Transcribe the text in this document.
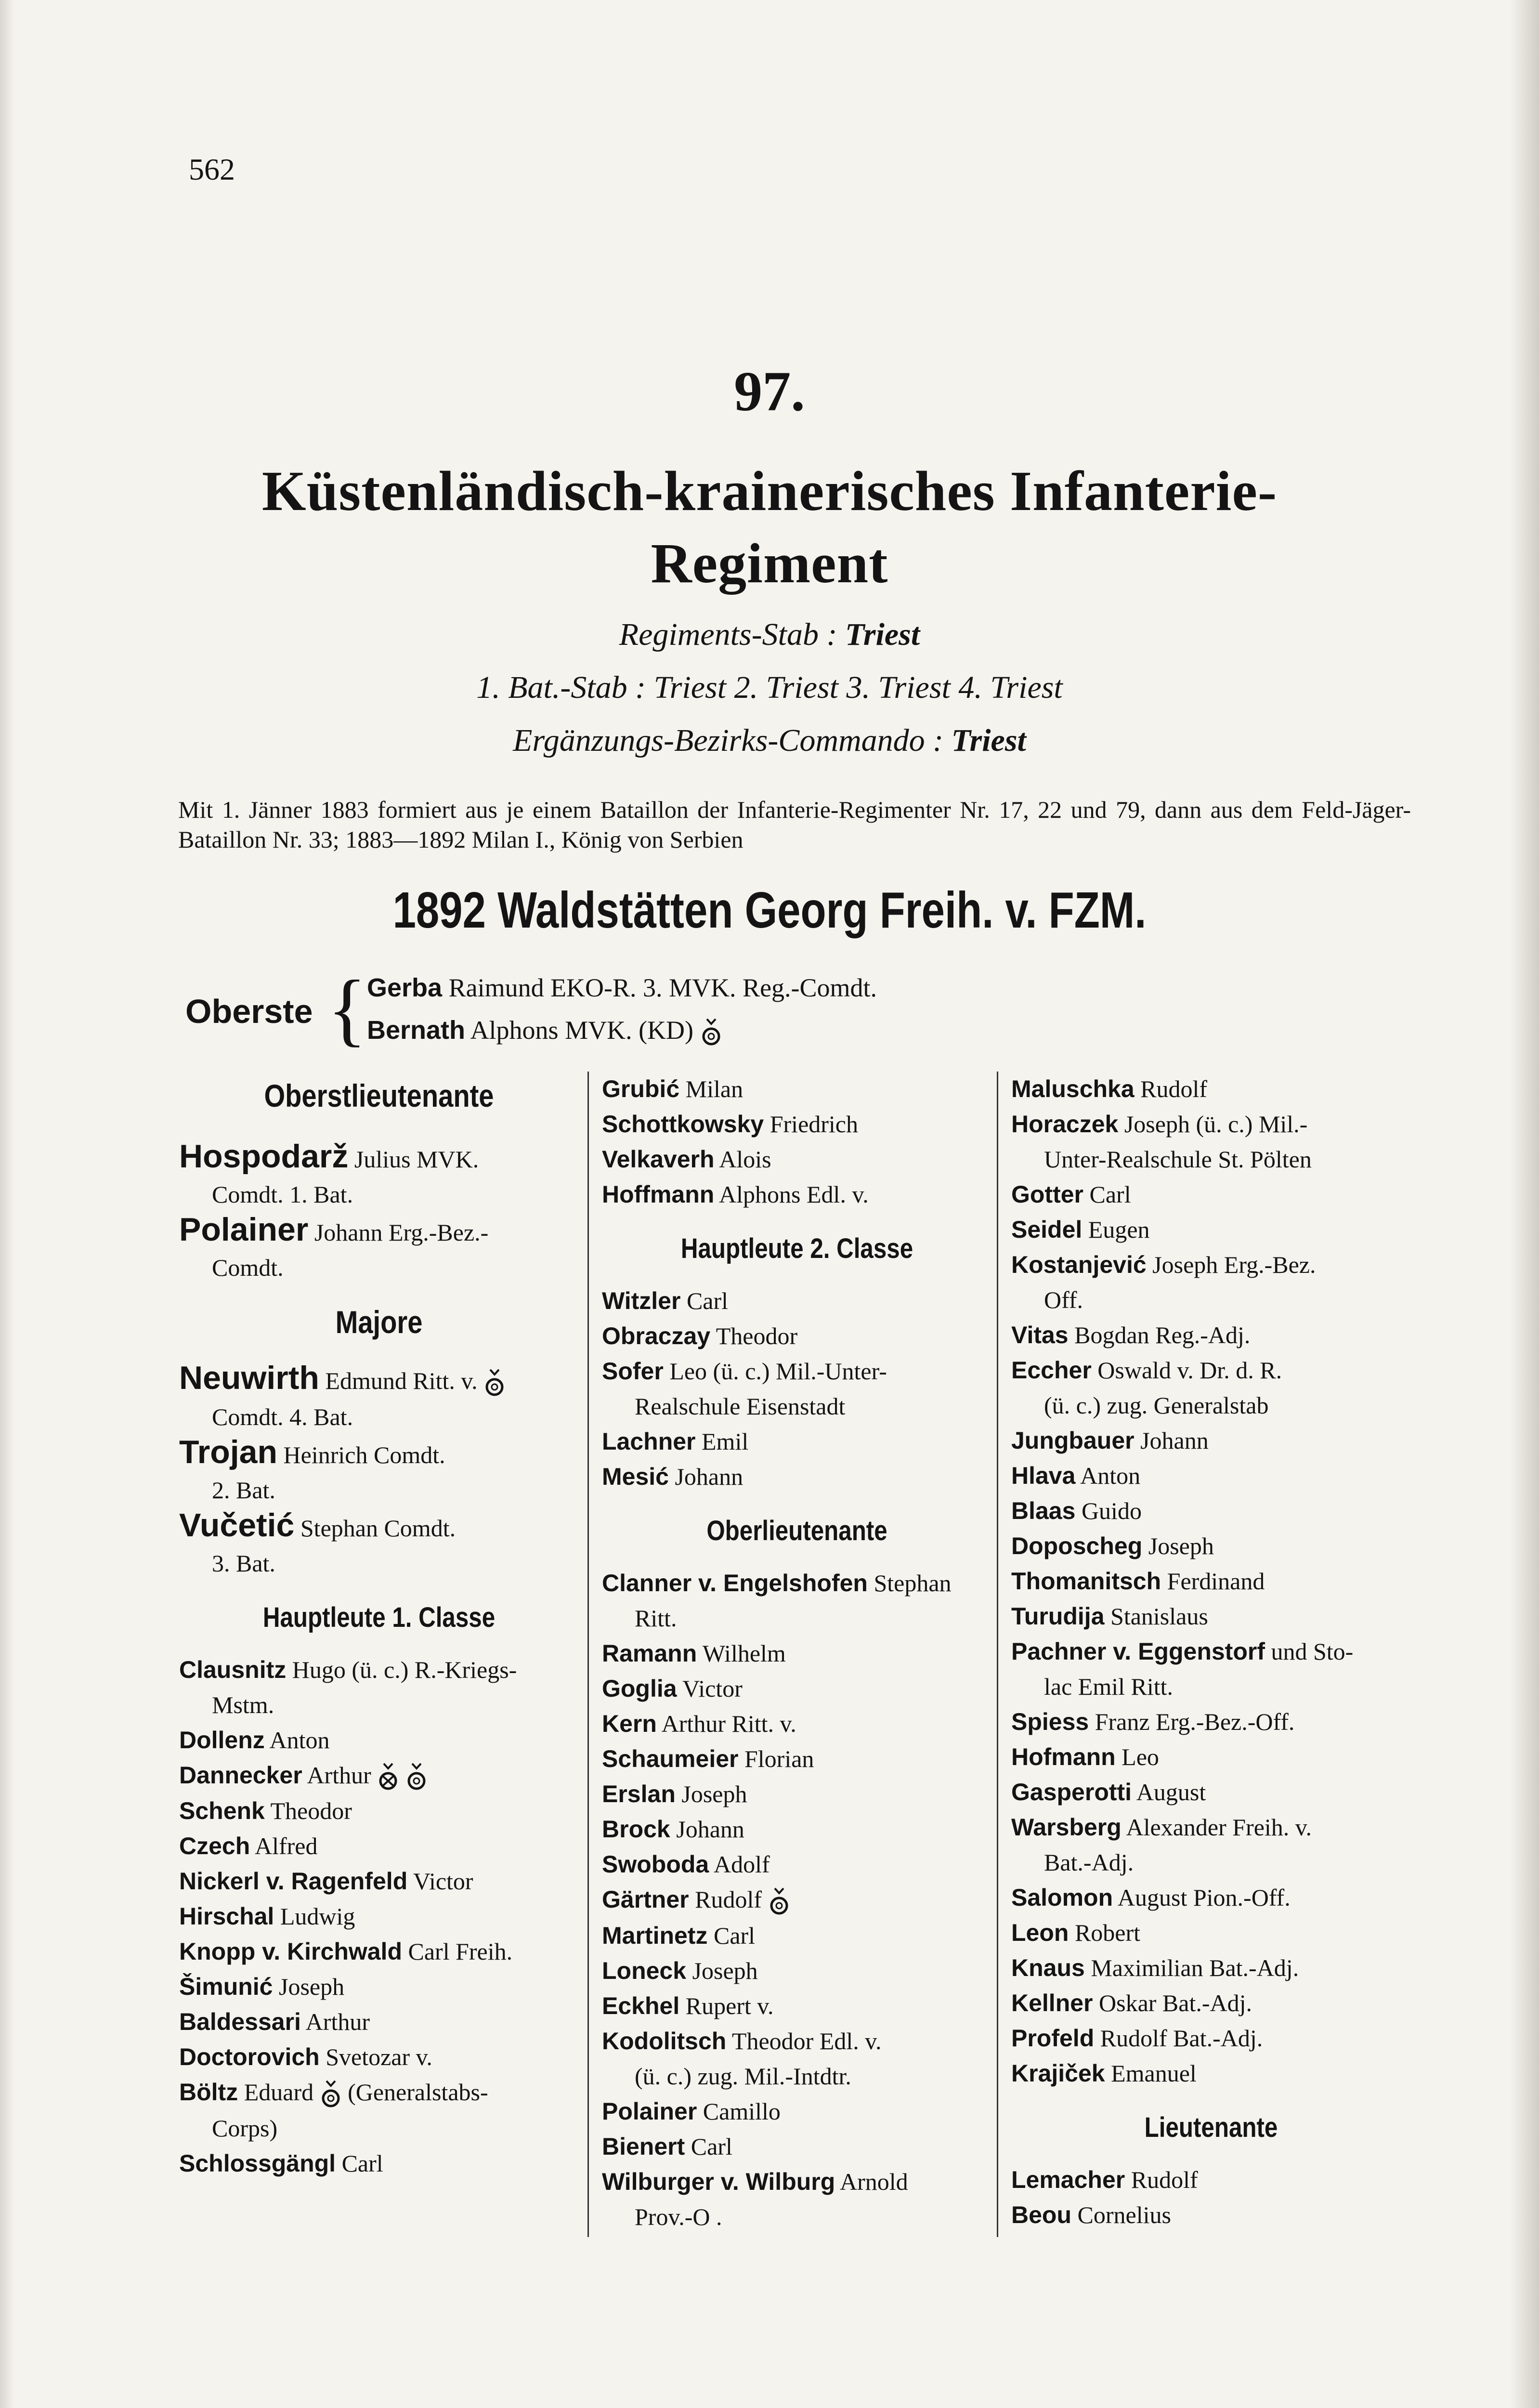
562
97.
Küstenländisch-krainerisches Infanterie-
Regiment
Regiments-Stab : Triest
1. Bat.-Stab : Triest 2. Triest 3. Triest 4. Triest
Ergänzungs-Bezirks-Commando : Triest
Mit 1. Jänner 1883 formiert aus je einem Bataillon der Infanterie-Regimenter Nr. 17, 22 und 79, dann aus dem Feld-Jäger-Bataillon Nr. 33; 1883—1892 Milan I., König von Serbien
1892 Waldstätten Georg Freih. v. FZM.
Oberste { Gerba Raimund EKO-R. 3. MVK. Reg.-Comdt.
Bernath Alphons MVK. (KD)
Oberstlieutenante
Hospodarž Julius MVK.
Comdt. 1. Bat.
Polainer Johann Erg.-Bez.-
Comdt.
Majore
Neuwirth Edmund Ritt. v.
Comdt. 4. Bat.
Trojan Heinrich Comdt.
2. Bat.
Vučetić Stephan Comdt.
3. Bat.
Hauptleute 1. Classe
Clausnitz Hugo (ü. c.) R.-Kriegs-
Mstm.
Dollenz Anton
Dannecker Arthur
Schenk Theodor
Czech Alfred
Nickerl v. Ragenfeld Victor
Hirschal Ludwig
Knopp v. Kirchwald Carl Freih.
Šimunić Joseph
Baldessari Arthur
Doctorovich Svetozar v.
Böltz Eduard  (Generalstabs-
Corps)
Schlossgängl Carl
Grubić Milan
Schottkowsky Friedrich
Velkaverh Alois
Hoffmann Alphons Edl. v.
Hauptleute 2. Classe
Witzler Carl
Obraczay Theodor
Sofer Leo (ü. c.) Mil.-Unter-
Realschule Eisenstadt
Lachner Emil
Mesić Johann
Oberlieutenante
Clanner v. Engelshofen Stephan
Ritt.
Ramann Wilhelm
Goglia Victor
Kern Arthur Ritt. v.
Schaumeier Florian
Erslan Joseph
Brock Johann
Swoboda Adolf
Gärtner Rudolf
Martinetz Carl
Loneck Joseph
Eckhel Rupert v.
Kodolitsch Theodor Edl. v.
(ü. c.) zug. Mil.-Intdtr.
Polainer Camillo
Bienert Carl
Wilburger v. Wilburg Arnold
Prov.-O .
Maluschka Rudolf
Horaczek Joseph (ü. c.) Mil.-
Unter-Realschule St. Pölten
Gotter Carl
Seidel Eugen
Kostanjević Joseph Erg.-Bez.
Off.
Vitas Bogdan Reg.-Adj.
Eccher Oswald v. Dr. d. R.
(ü. c.) zug. Generalstab
Jungbauer Johann
Hlava Anton
Blaas Guido
Doposcheg Joseph
Thomanitsch Ferdinand
Turudija Stanislaus
Pachner v. Eggenstorf und Sto-
lac Emil Ritt.
Spiess Franz Erg.-Bez.-Off.
Hofmann Leo
Gasperotti August
Warsberg Alexander Freih. v.
Bat.-Adj.
Salomon August Pion.-Off.
Leon Robert
Knaus Maximilian Bat.-Adj.
Kellner Oskar Bat.-Adj.
Profeld Rudolf Bat.-Adj.
Krajiček Emanuel
Lieutenante
Lemacher Rudolf
Beou Cornelius
